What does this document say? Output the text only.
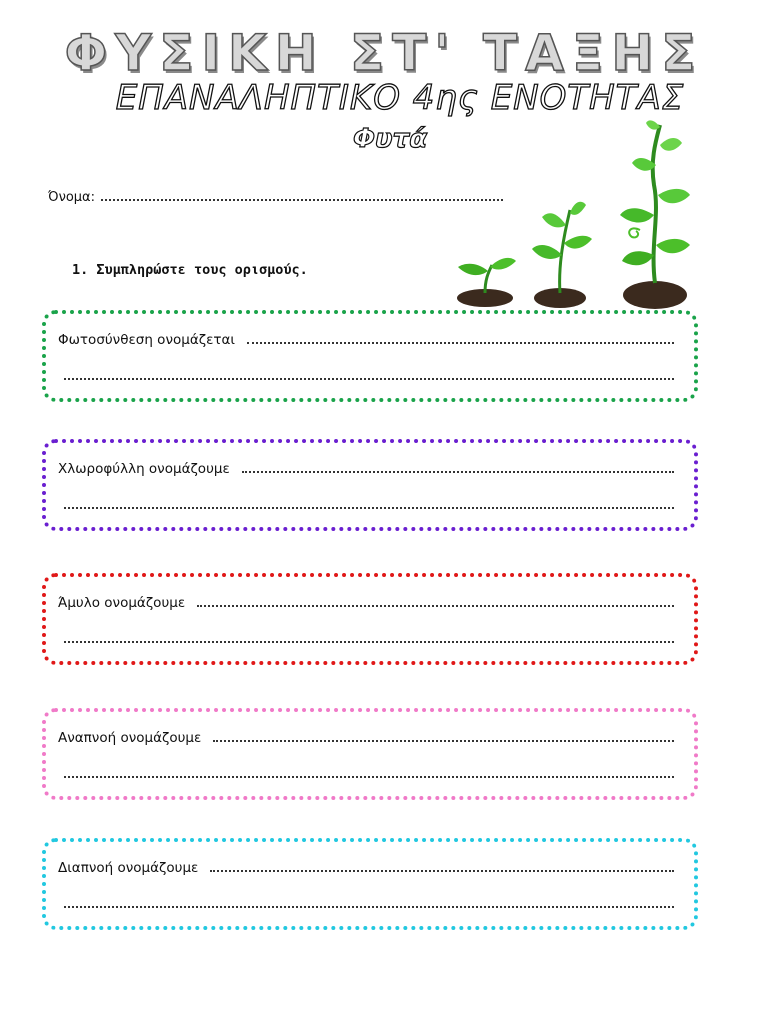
ΦΥΣΙΚΗ ΣΤ' ΤΑΞΗΣ
ΕΠΑΝΑΛΗΠΤΙΚΟ 4ης ΕΝΟΤΗΤΑΣ
Φυτά
Όνομα:
1. Συμπληρώστε τους ορισμούς.
Φωτοσύνθεση ονομάζεται
Χλωροφύλλη ονομάζουμε
Άμυλο ονομάζουμε
Αναπνοή ονομάζουμε
Διαπνοή ονομάζουμε
